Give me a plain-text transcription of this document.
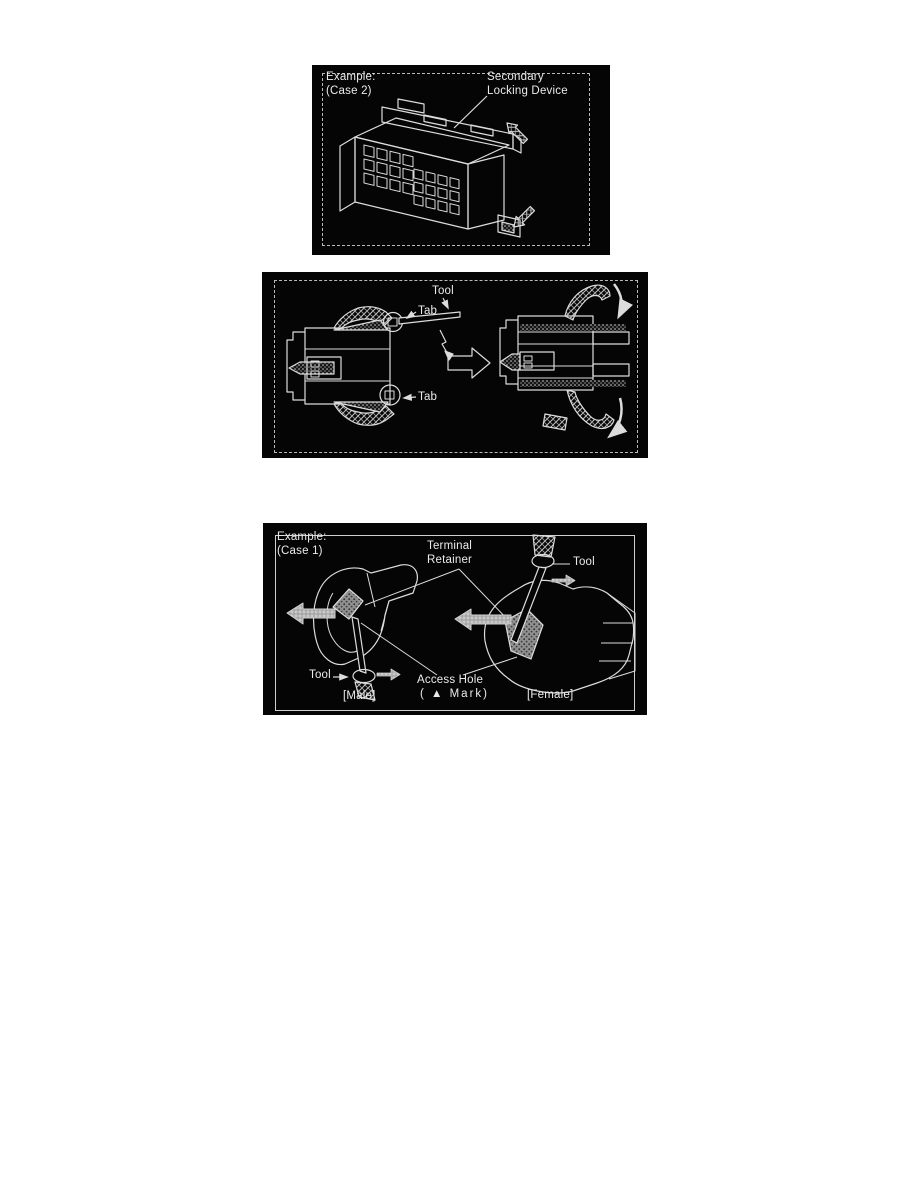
Example:
(Case 2)
Secondary
Locking Device
Tool
Tab
Tab
Example:
(Case 1)	Terminal
Retainer	Tool
Tool	Access Hole
( ▲ Mark)
[Male]	[Female]
